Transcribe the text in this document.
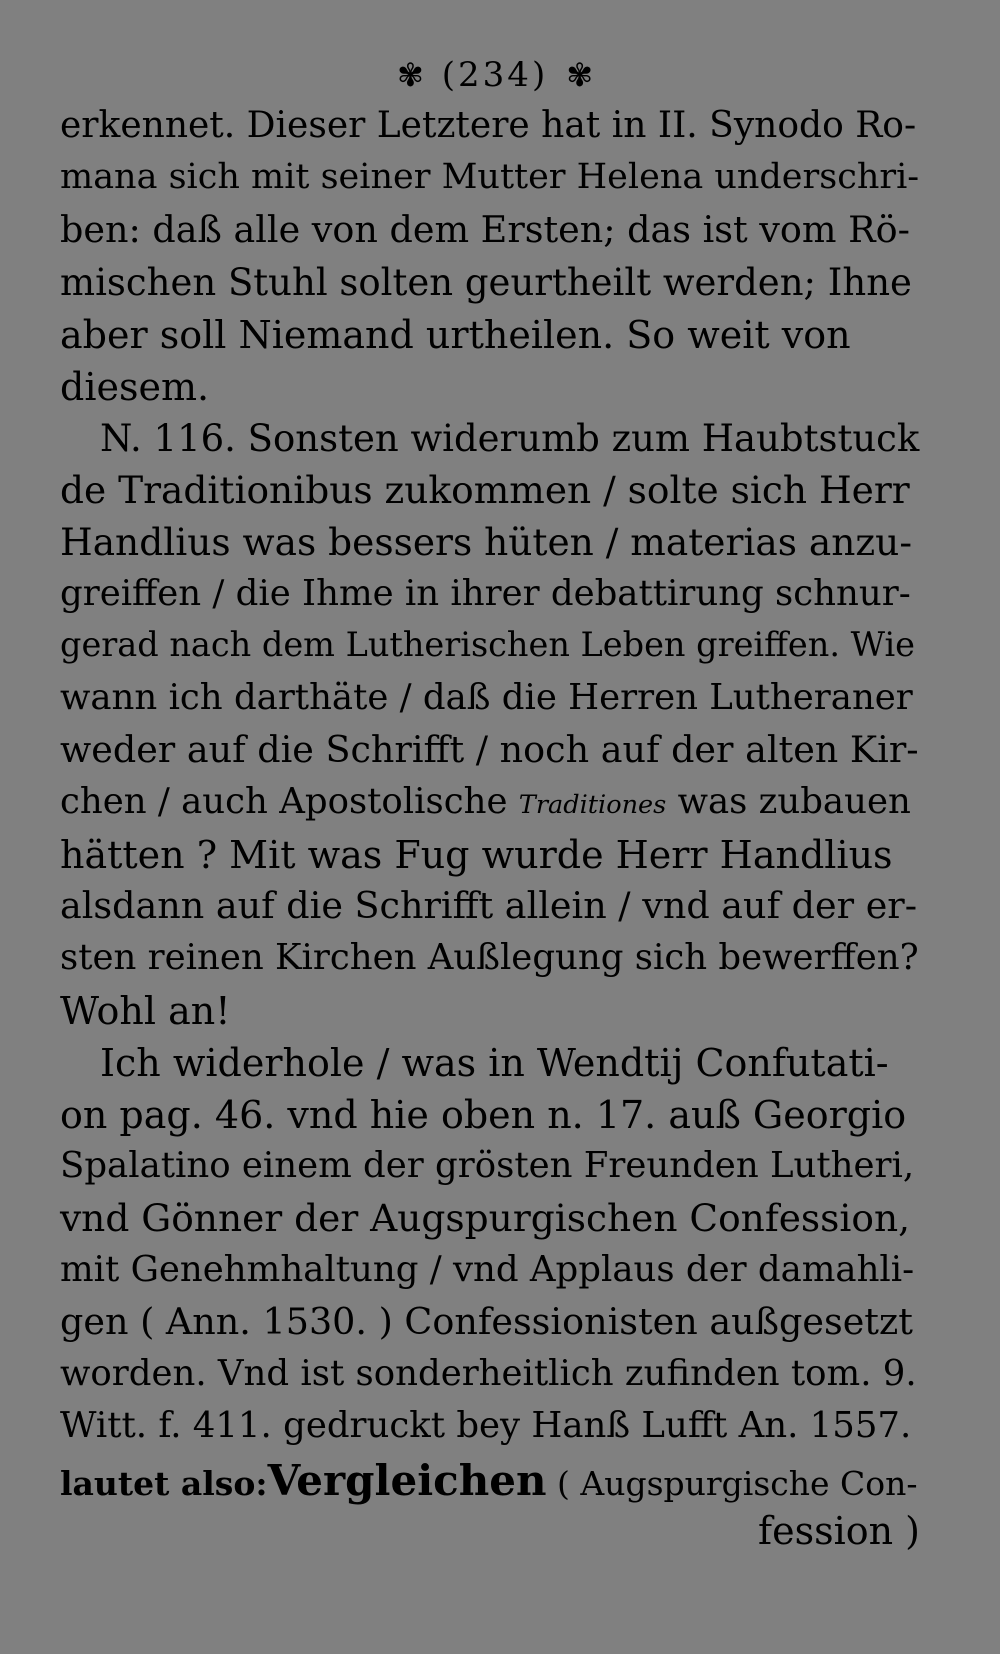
✾ (234) ✾
erkennet. Dieser Letztere hat in II. Synodo Ro-
mana sich mit seiner Mutter Helena underschri-
ben: daß alle von dem Ersten; das ist vom Rö-
mischen Stuhl solten geurtheilt werden; Ihne
aber soll Niemand urtheilen. So weit von
diesem.
N. 116. Sonsten widerumb zum Haubtstuck
de Traditionibus zukommen / solte sich Herr
Handlius was bessers hüten / materias anzu-
greiffen / die Ihme in ihrer debattirung schnur-
gerad nach dem Lutherischen Leben greiffen. Wie
wann ich darthäte / daß die Herren Lutheraner
weder auf die Schrifft / noch auf der alten Kir-
chen / auch Apostolische Traditiones was zubauen
hätten ? Mit was Fug wurde Herr Handlius
alsdann auf die Schrifft allein / vnd auf der er-
sten reinen Kirchen Außlegung sich bewerffen?
Wohl an!
Ich widerhole / was in Wendtij Confutati-
on pag. 46. vnd hie oben n. 17. auß Georgio
Spalatino einem der grösten Freunden Lutheri,
vnd Gönner der Augspurgischen Confession,
mit Genehmhaltung / vnd Applaus der damahli-
gen ( Ann. 1530. ) Confessionisten außgesetzt
worden. Vnd ist sonderheitlich zufinden tom. 9.
Witt. f. 411. gedruckt bey Hanß Lufft An. 1557.
lautet also:Vergleichen ( Augspurgische Con-
fession )
